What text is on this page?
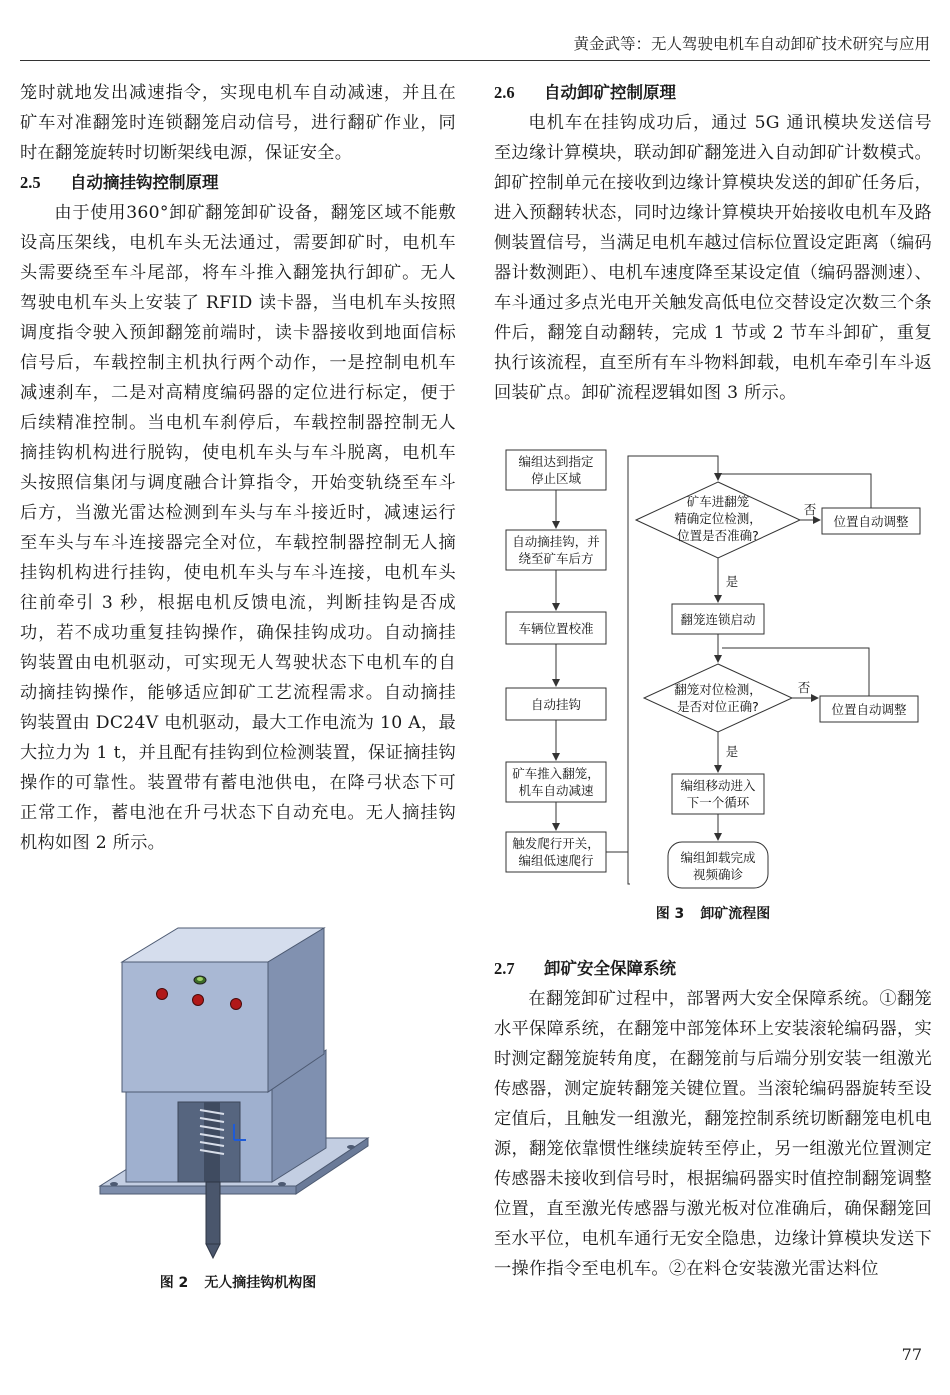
黄金武等：无人驾驶电机车自动卸矿技术研究与应用

笼时就地发出减速指令，实现电机车自动减速，并且在矿车对准翻笼时连锁翻笼启动信号，进行翻矿作业，同时在翻笼旋转时切断架线电源，保证安全。

2.5 自动摘挂钩控制原理

由于使用360°卸矿翻笼卸矿设备，翻笼区域不能敷设高压架线，电机车头无法通过，需要卸矿时，电机车头需要绕至车斗尾部，将车斗推入翻笼执行卸矿。无人驾驶电机车头上安装了 RFID 读卡器，当电机车头按照调度指令驶入预卸翻笼前端时，读卡器接收到地面信标信号后，车载控制主机执行两个动作，一是控制电机车减速刹车，二是对高精度编码器的定位进行标定，便于后续精准控制。当电机车刹停后，车载控制器控制无人摘挂钩机构进行脱钩，使电机车头与车斗脱离，电机车头按照信集闭与调度融合计算指令，开始变轨绕至车斗后方，当激光雷达检测到车头与车斗接近时，减速运行至车头与车斗连接器完全对位，车载控制器控制无人摘挂钩机构进行挂钩，使电机车头与车斗连接，电机车头往前牵引 3 秒，根据电机反馈电流，判断挂钩是否成功，若不成功重复挂钩操作，确保挂钩成功。自动摘挂钩装置由电机驱动，可实现无人驾驶状态下电机车的自动摘挂钩操作，能够适应卸矿工艺流程需求。自动摘挂钩装置由 DC24V 电机驱动，最大工作电流为 10 A，最大拉力为 1 t，并且配有挂钩到位检测装置，保证摘挂钩操作的可靠性。装置带有蓄电池供电，在降弓状态下可正常工作，蓄电池在升弓状态下自动充电。无人摘挂钩机构如图 2 所示。

图 2 无人摘挂钩机构图
2.6 自动卸矿控制原理

电机车在挂钩成功后，通过 5G 通讯模块发送信号至边缘计算模块，联动卸矿翻笼进入自动卸矿计数模式。卸矿控制单元在接收到边缘计算模块发送的卸矿任务后，进入预翻转状态，同时边缘计算模块开始接收电机车及路侧装置信号，当满足电机车越过信标位置设定距离（编码器计数测距）、电机车速度降至某设定值（编码器测速）、车斗通过多点光电开关触发高低电位交替设定次数三个条件后，翻笼自动翻转，完成 1 节或 2 节车斗卸矿，重复执行该流程，直至所有车斗物料卸载，电机车牵引车斗返回装矿点。卸矿流程逻辑如图 3 所示。

编组达到指定
停止区域
自动摘挂钩，并
绕至矿车后方
车辆位置校准
自动挂钩
矿车推入翻笼，
机车自动减速
触发爬行开关，
编组低速爬行
矿车进翻笼
精确定位检测，
位置是否准确?
否
位置自动调整
是
翻笼连锁启动
翻笼对位检测，
是否对位正确?
否
位置自动调整
是
编组移动进入
下一个循环
编组卸载完成
视频确诊
图 3 卸矿流程图
2.7 卸矿安全保障系统

在翻笼卸矿过程中，部署两大安全保障系统。①翻笼水平保障系统，在翻笼中部笼体环上安装滚轮编码器，实时测定翻笼旋转角度，在翻笼前与后端分别安装一组激光传感器，测定旋转翻笼关键位置。当滚轮编码器旋转至设定值后，且触发一组激光，翻笼控制系统切断翻笼电机电源，翻笼依靠惯性继续旋转至停止，另一组激光位置测定传感器未接收到信号时，根据编码器实时值控制翻笼调整位置，直至激光传感器与激光板对位准确后，确保翻笼回至水平位，电机车通行无安全隐患，边缘计算模块发送下一操作指令至电机车。②在料仓安装激光雷达料位

77
